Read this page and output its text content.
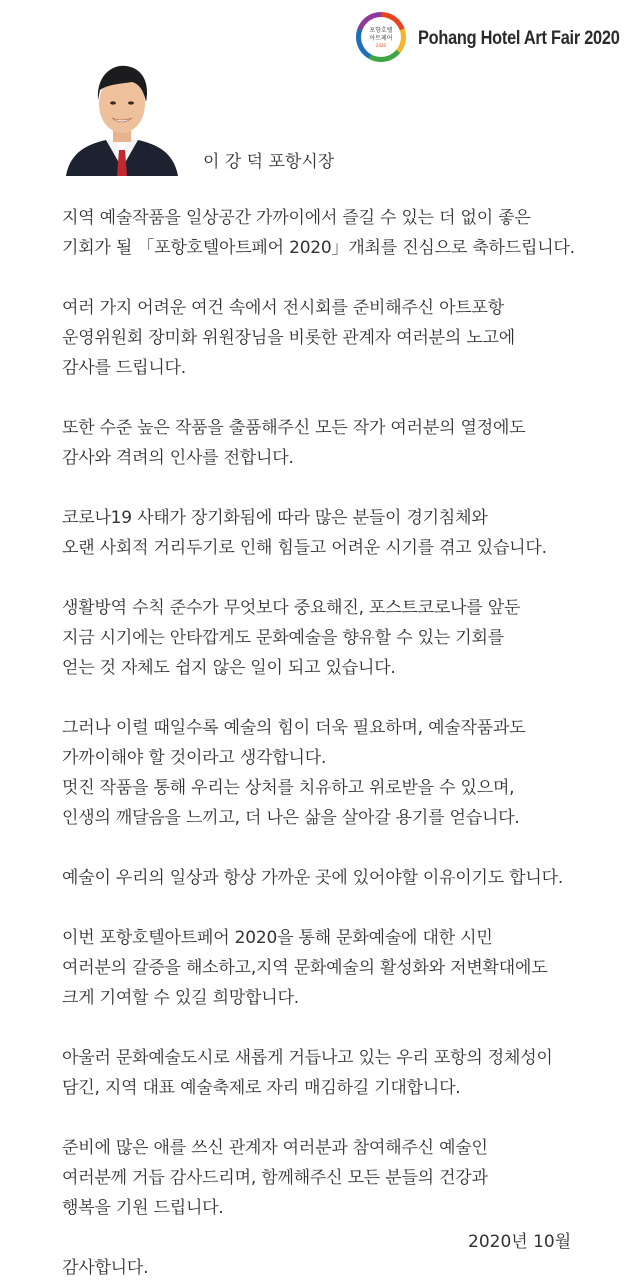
포항호텔
아트페어
2020 Pohang Hotel Art Fair 2020
이 강 덕 포항시장

지역 예술작품을 일상공간 가까이에서 즐길 수 있는 더 없이 좋은
기회가 될 「포항호텔아트페어 2020」개최를 진심으로 축하드립니다.

여러 가지 어려운 여건 속에서 전시회를 준비해주신 아트포항
운영위원회 장미화 위원장님을 비롯한 관계자 여러분의 노고에
감사를 드립니다.

또한 수준 높은 작품을 출품해주신 모든 작가 여러분의 열정에도
감사와 격려의 인사를 전합니다.

코로나19 사태가 장기화됨에 따라 많은 분들이 경기침체와
오랜 사회적 거리두기로 인해 힘들고 어려운 시기를 겪고 있습니다.

생활방역 수칙 준수가 무엇보다 중요해진, 포스트코로나를 앞둔
지금 시기에는 안타깝게도 문화예술을 향유할 수 있는 기회를
얻는 것 자체도 쉽지 않은 일이 되고 있습니다.

그러나 이럴 때일수록 예술의 힘이 더욱 필요하며, 예술작품과도
가까이해야 할 것이라고 생각합니다.
멋진 작품을 통해 우리는 상처를 치유하고 위로받을 수 있으며,
인생의 깨달음을 느끼고, 더 나은 삶을 살아갈 용기를 얻습니다.

예술이 우리의 일상과 항상 가까운 곳에 있어야할 이유이기도 합니다.

이번 포항호텔아트페어 2020을 통해 문화예술에 대한 시민
여러분의 갈증을 해소하고,지역 문화예술의 활성화와 저변확대에도
크게 기여할 수 있길 희망합니다.

아울러 문화예술도시로 새롭게 거듭나고 있는 우리 포항의 정체성이
담긴, 지역 대표 예술축제로 자리 매김하길 기대합니다.

준비에 많은 애를 쓰신 관계자 여러분과 참여해주신 예술인
여러분께 거듭 감사드리며, 함께해주신 모든 분들의 건강과
행복을 기원 드립니다.

감사합니다.

2020년 10월
